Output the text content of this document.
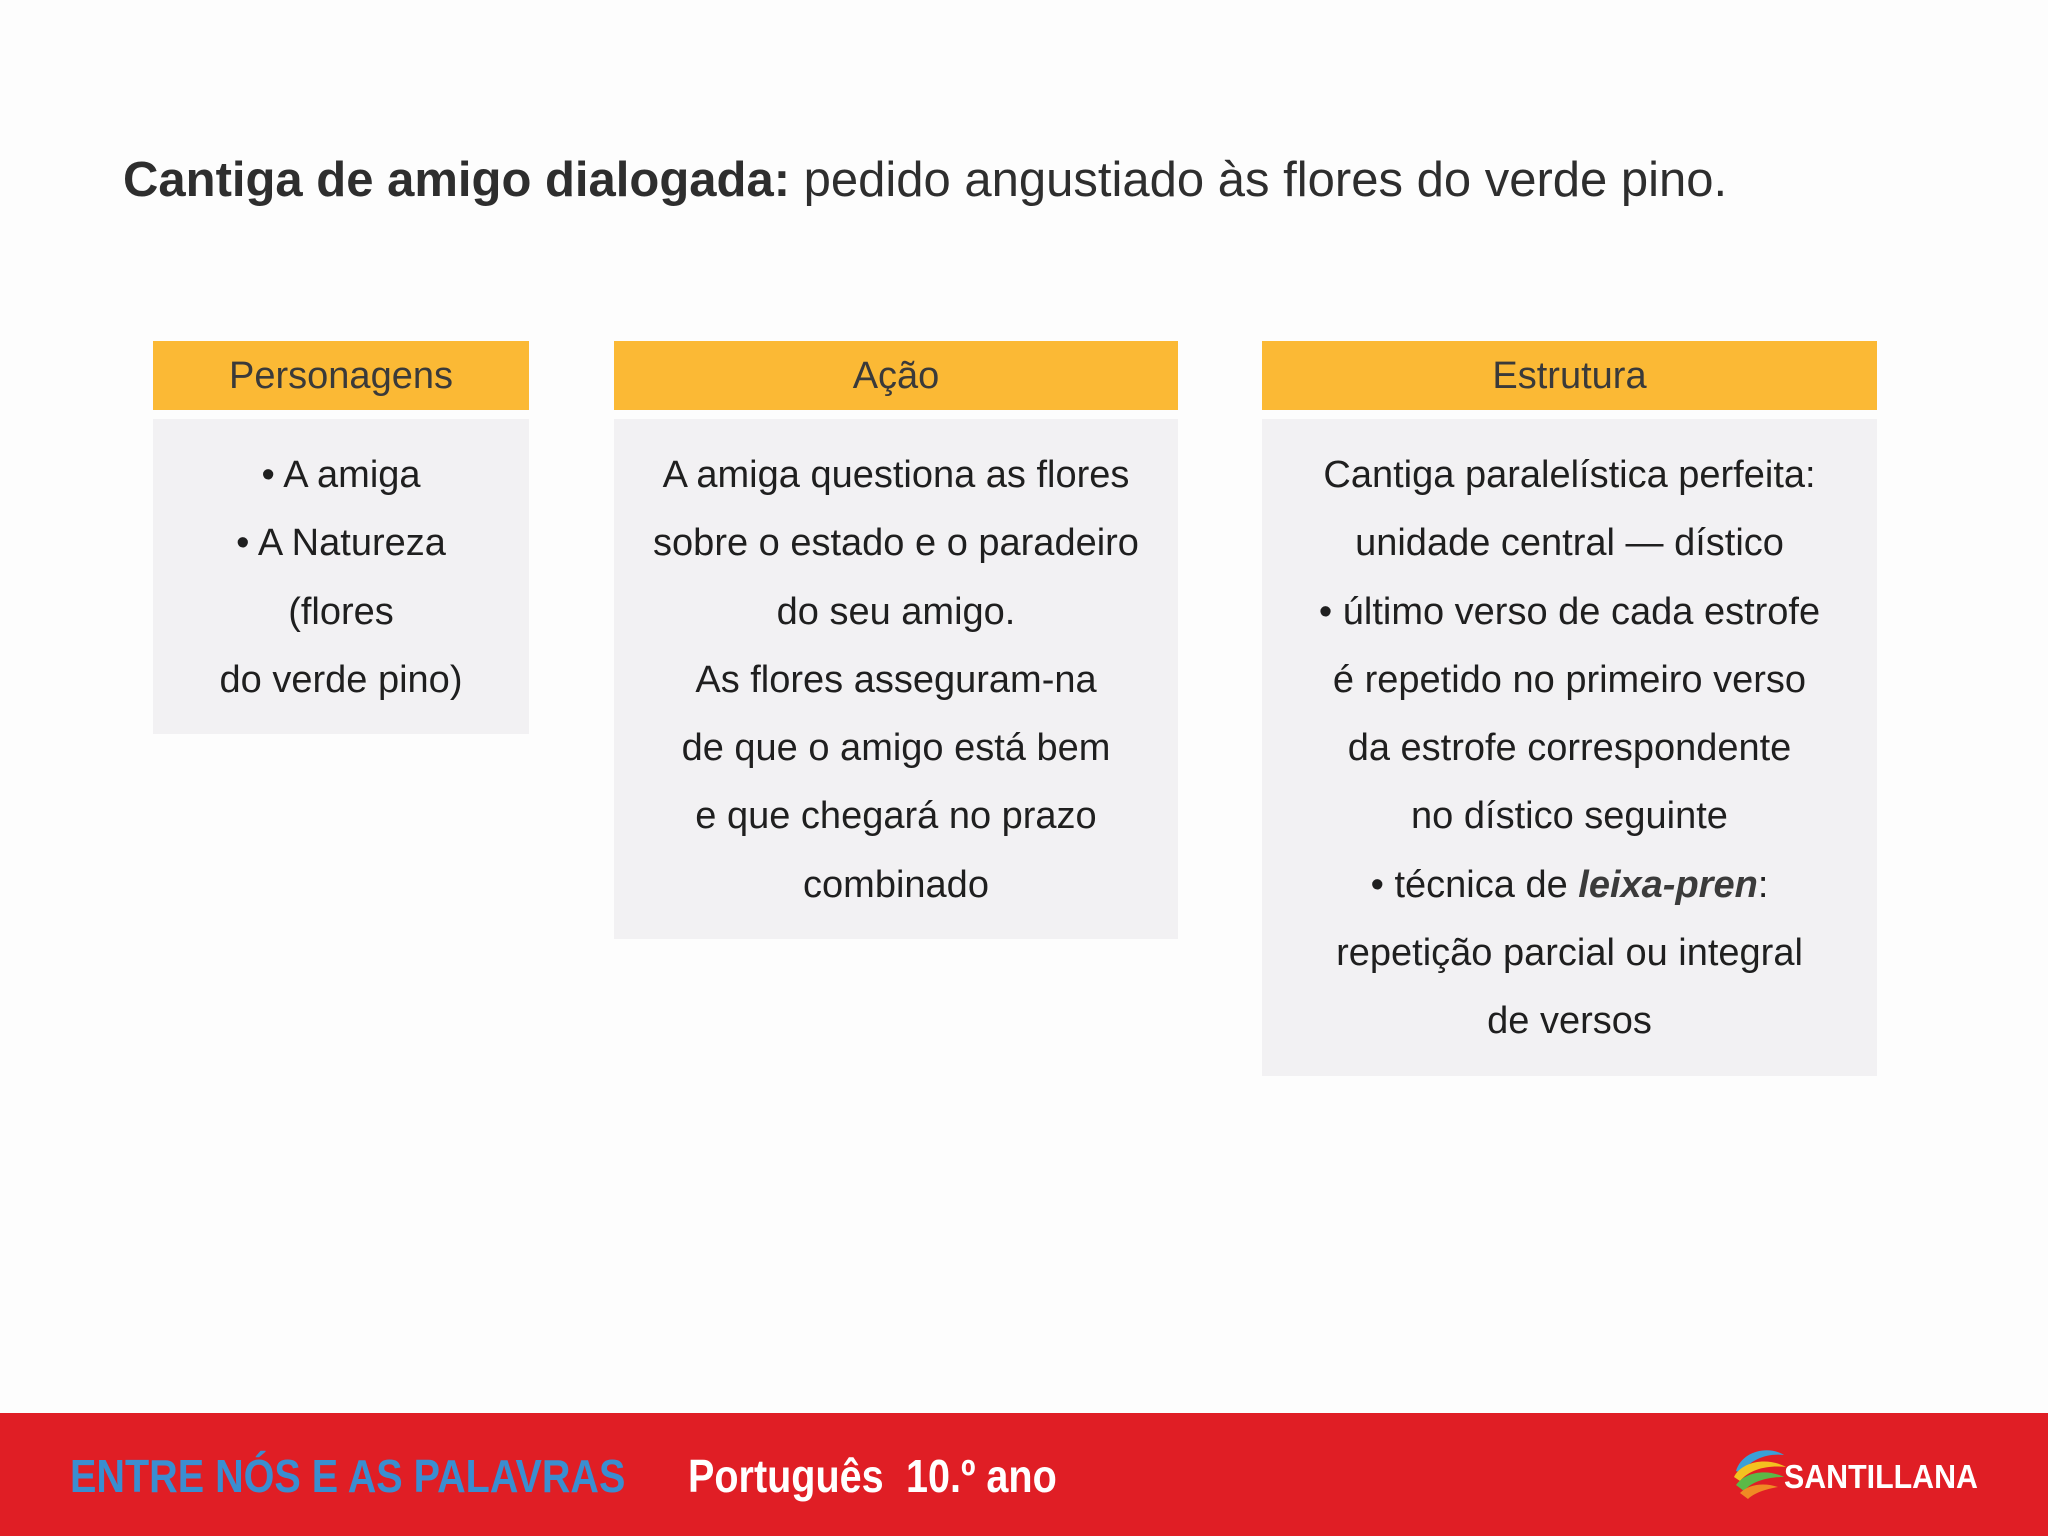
Cantiga de amigo dialogada: pedido angustiado às flores do verde pino.
Personagens
• A amiga
• A Natureza
(flores
do verde pino)
Ação
A amiga questiona as flores
sobre o estado e o paradeiro
do seu amigo.
As flores asseguram-na
de que o amigo está bem
e que chegará no prazo
combinado
Estrutura
Cantiga paralelística perfeita:
unidade central — dístico
• último verso de cada estrofe
é repetido no primeiro verso
da estrofe correspondente
no dístico seguinte
• técnica de leixa-pren:
repetição parcial ou integral
de versos
ENTRE NÓS E AS PALAVRAS Português 10.º ano	SANTILLANA
